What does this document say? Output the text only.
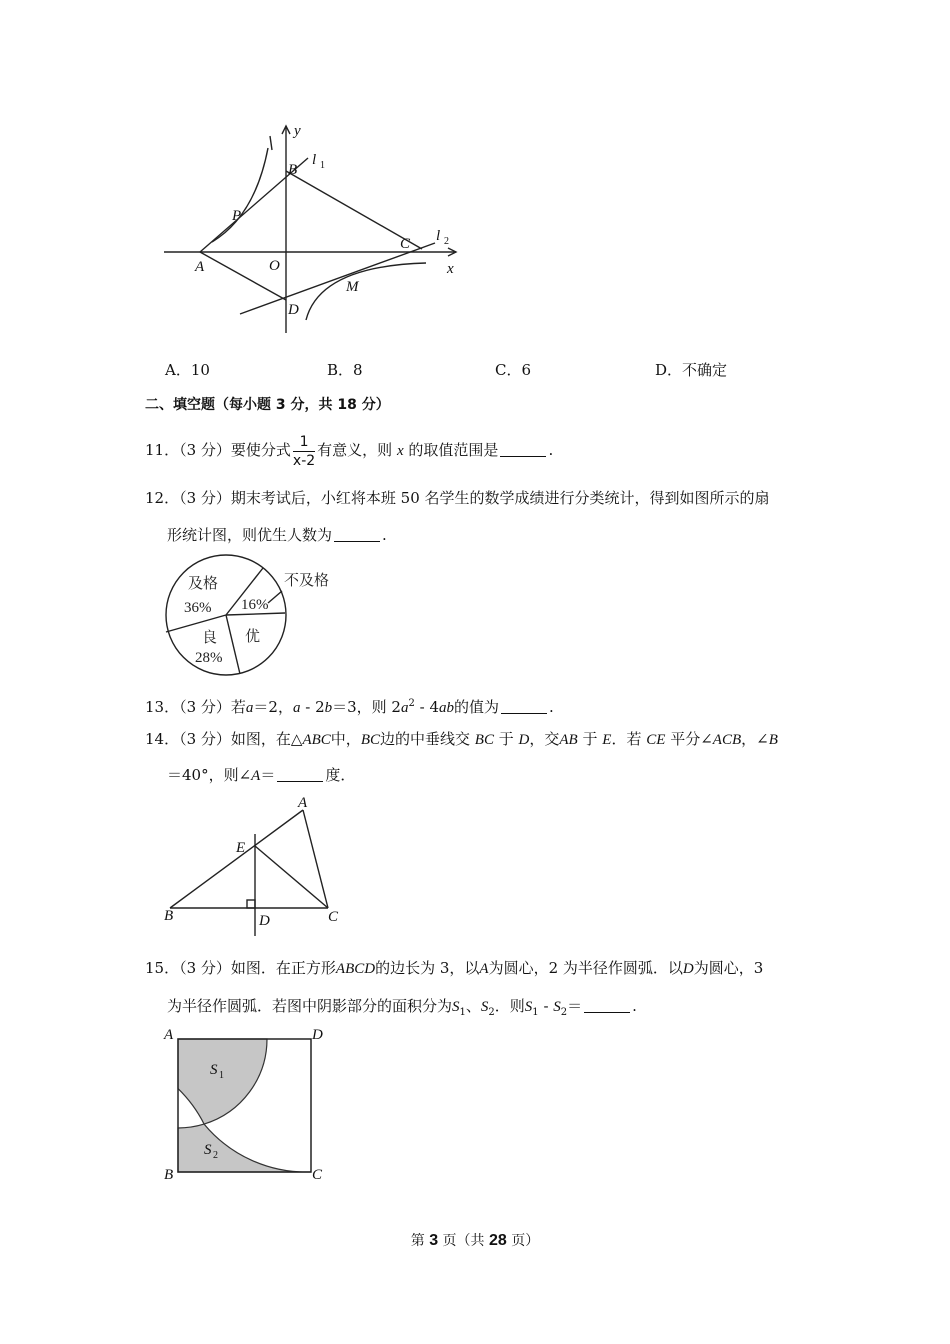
y
x
B
l 1
P
C l 2
A	O
M
D
A．10	B．8	C．6	D．不确定
二、填空题（每小题 3 分，共 18 分）
11．（3 分）要使分式 $\frac{1}{x-2}$ 有意义，则 x 的取值范围是	.
12．（3 分）期末考试后，小红将本班 50 名学生的数学成绩进行分类统计，得到如图所示的扇
形统计图，则优生人数为	.
及格
36%
不及格
16%
良
28%
优
13．（3 分）若a＝2，a - 2b＝3，则 $2a^2 - 4ab$的值为	.
14．（3 分）如图，在△ABC中，BC边的中垂线交 BC 于 D，交AB 于 E．若 CE 平分∠ACB，∠B
＝40°，则∠A＝	度．
A
E
B	D	C
15．（3 分）如图．在正方形ABCD的边长为 3，以A为圆心，2 为半径作圆弧．以D为圆心，3
为半径作圆弧．若图中阴影部分的面积分为$S_1$、$S_2$．则$S_1 - S_2=$	.
A	D
B	C
S 1
S 2
第 3 页（共 28 页）
